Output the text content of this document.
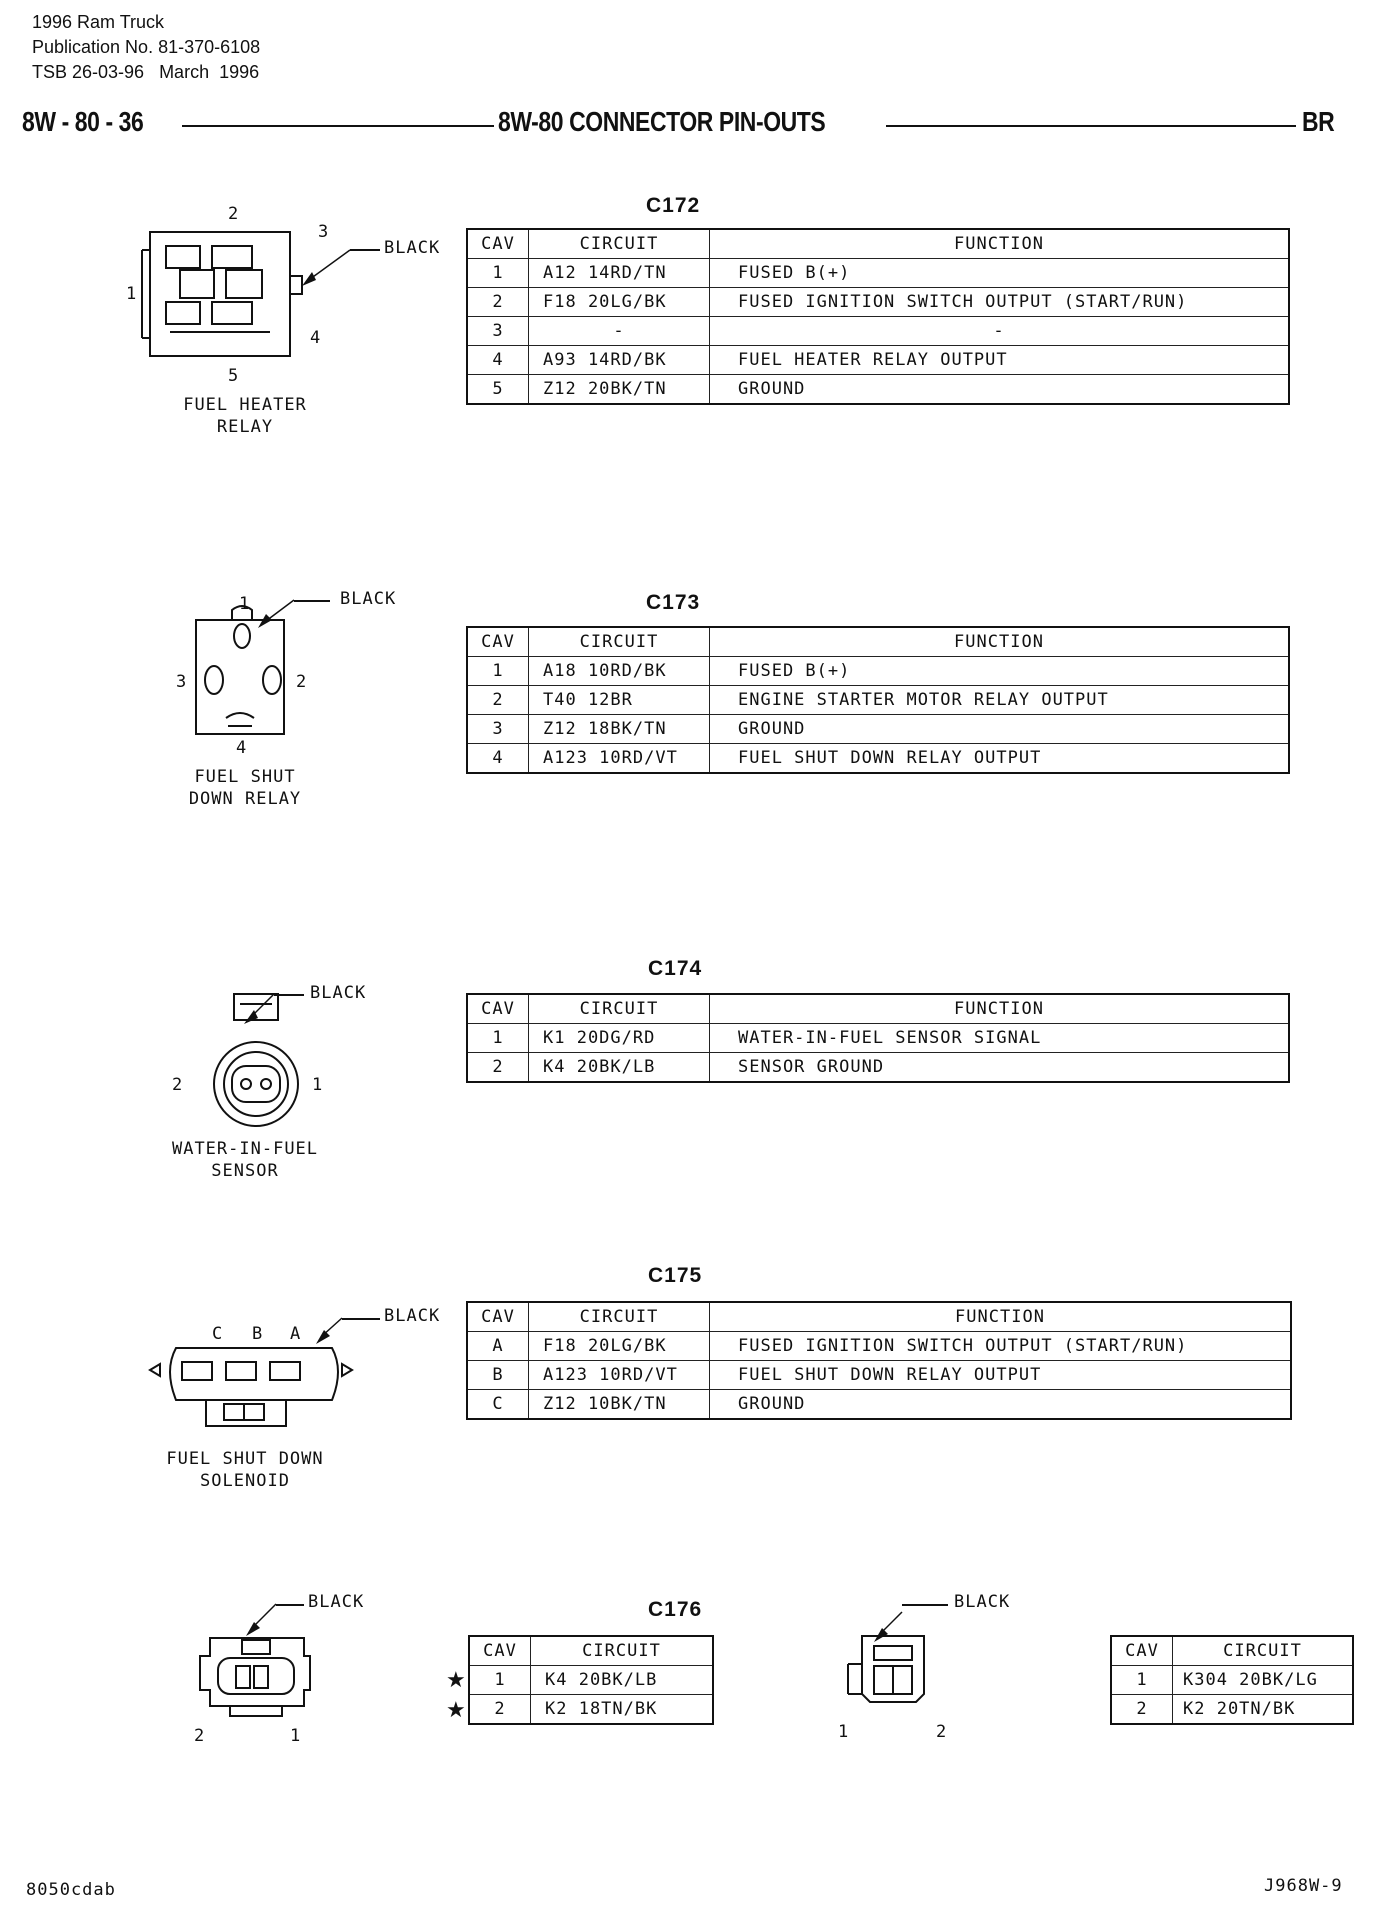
1996 Ram Truck
Publication No. 81-370-6108
TSB 26-03-96   March  1996
8W - 80 - 36	8W-80 CONNECTOR PIN-OUTS	BR
C172
2
3
1
4
5
BLACK
FUEL HEATER
RELAY
CAV	CIRCUIT	FUNCTION
1	A12 14RD/TN	FUSED B(+)
2	F18 20LG/BK	FUSED IGNITION SWITCH OUTPUT (START/RUN)
3	-	-
4	A93 14RD/BK	FUEL HEATER RELAY OUTPUT
5	Z12 20BK/TN	GROUND
C173
BLACK
1
2
3
4
FUEL SHUT
DOWN RELAY
CAV	CIRCUIT	FUNCTION
1	A18 10RD/BK	FUSED B(+)
2	T40 12BR	ENGINE STARTER MOTOR RELAY OUTPUT
3	Z12 18BK/TN	GROUND
4	A123 10RD/VT	FUEL SHUT DOWN RELAY OUTPUT
C174
BLACK
2	1
WATER-IN-FUEL
SENSOR
CAV	CIRCUIT	FUNCTION
1	K1 20DG/RD	WATER-IN-FUEL SENSOR SIGNAL
2	K4 20BK/LB	SENSOR GROUND
C175
BLACK
C B A
FUEL SHUT DOWN
SOLENOID
CAV	CIRCUIT	FUNCTION
A	F18 20LG/BK	FUSED IGNITION SWITCH OUTPUT (START/RUN)
B	A123 10RD/VT	FUEL SHUT DOWN RELAY OUTPUT
C	Z12 10BK/TN	GROUND
C176
BLACK
2	1
★
★
CAV	CIRCUIT
1	K4 20BK/LB
2	K2 18TN/BK
BLACK
1	2
CAV	CIRCUIT
1	K304 20BK/LG
2	K2 20TN/BK
8050cdab	J968W-9
